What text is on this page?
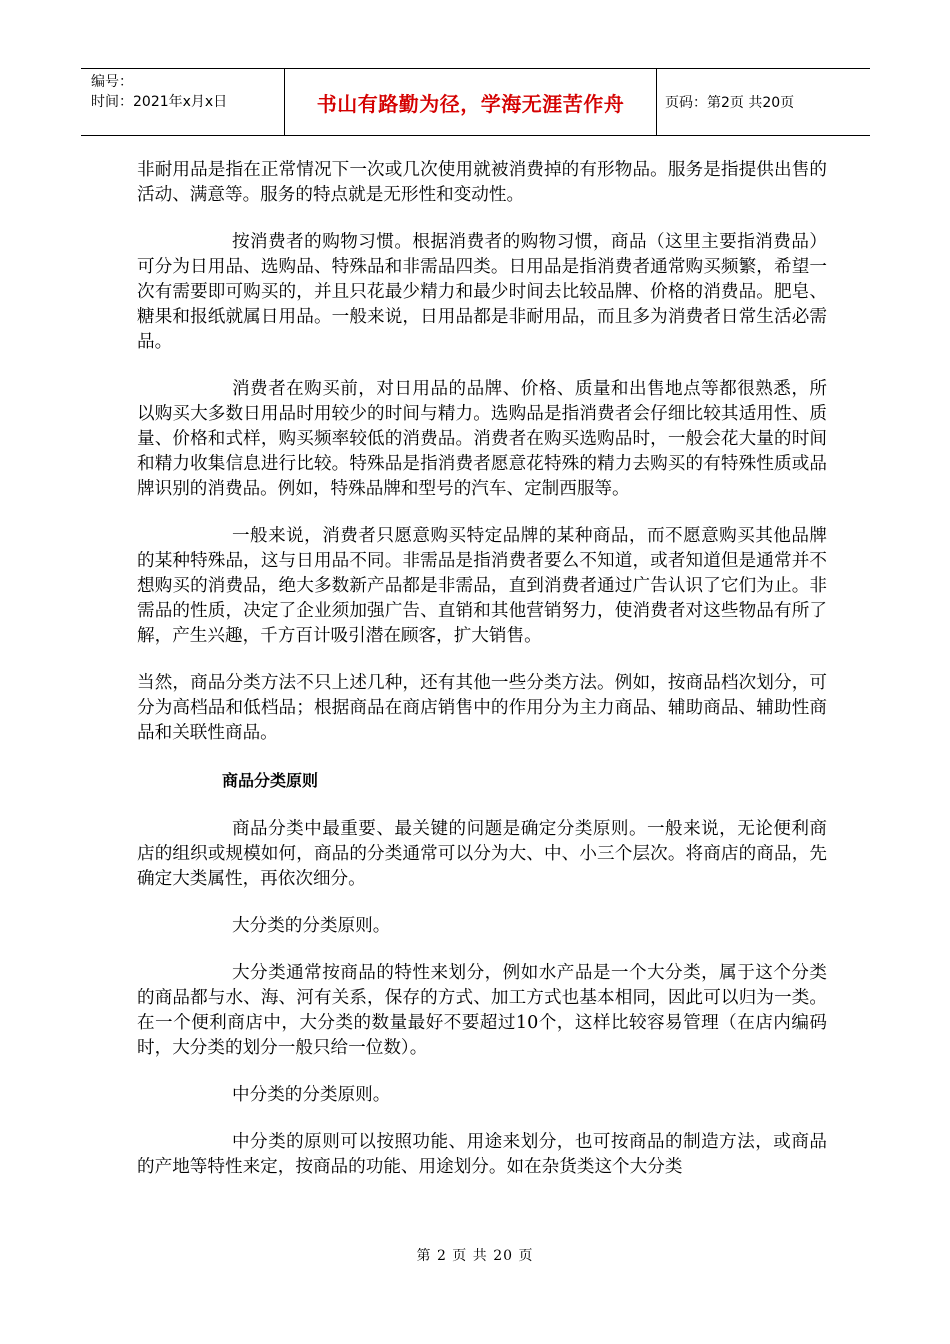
编号：
时间：2021年x月x日	书山有路勤为径，学海无涯苦作舟	页码：第2页 共20页

非耐用品是指在正常情况下一次或几次使用就被消费掉的有形物品。服务是指提供出售的活动、满意等。服务的特点就是无形性和变动性。

按消费者的购物习惯。根据消费者的购物习惯，商品（这里主要指消费品）可分为日用品、选购品、特殊品和非需品四类。日用品是指消费者通常购买频繁，希望一次有需要即可购买的，并且只花最少精力和最少时间去比较品牌、价格的消费品。肥皂、糖果和报纸就属日用品。一般来说，日用品都是非耐用品，而且多为消费者日常生活必需品。

消费者在购买前，对日用品的品牌、价格、质量和出售地点等都很熟悉，所以购买大多数日用品时用较少的时间与精力。选购品是指消费者会仔细比较其适用性、质量、价格和式样，购买频率较低的消费品。消费者在购买选购品时，一般会花大量的时间和精力收集信息进行比较。特殊品是指消费者愿意花特殊的精力去购买的有特殊性质或品牌识别的消费品。例如，特殊品牌和型号的汽车、定制西服等。

一般来说，消费者只愿意购买特定品牌的某种商品，而不愿意购买其他品牌的某种特殊品，这与日用品不同。非需品是指消费者要么不知道，或者知道但是通常并不想购买的消费品，绝大多数新产品都是非需品，直到消费者通过广告认识了它们为止。非需品的性质，决定了企业须加强广告、直销和其他营销努力，使消费者对这些物品有所了解，产生兴趣，千方百计吸引潜在顾客，扩大销售。

当然，商品分类方法不只上述几种，还有其他一些分类方法。例如，按商品档次划分，可分为高档品和低档品；根据商品在商店销售中的作用分为主力商品、辅助商品、辅助性商品和关联性商品。

商品分类原则

商品分类中最重要、最关键的问题是确定分类原则。一般来说，无论便利商店的组织或规模如何，商品的分类通常可以分为大、中、小三个层次。将商店的商品，先确定大类属性，再依次细分。

大分类的分类原则。

大分类通常按商品的特性来划分，例如水产品是一个大分类，属于这个分类的商品都与水、海、河有关系，保存的方式、加工方式也基本相同，因此可以归为一类。在一个便利商店中，大分类的数量最好不要超过10个，这样比较容易管理（在店内编码时，大分类的划分一般只给一位数）。

中分类的分类原则。

中分类的原则可以按照功能、用途来划分，也可按商品的制造方法，或商品的产地等特性来定，按商品的功能、用途划分。如在杂货类这个大分类

第 2 页 共 20 页
